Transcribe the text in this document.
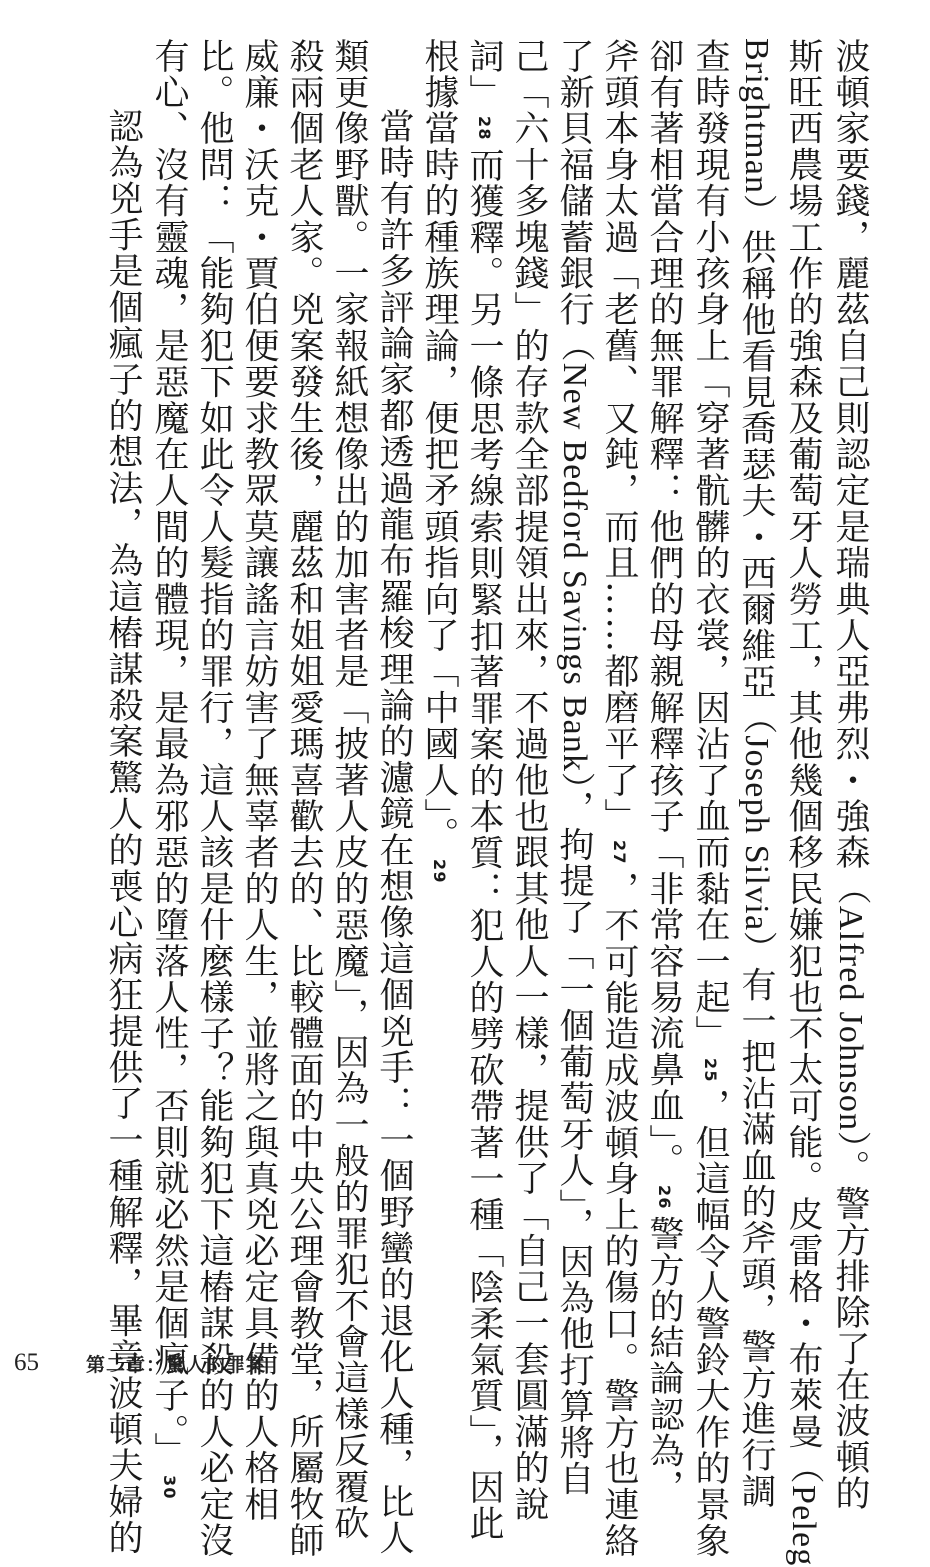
波頓家要錢，麗茲自己則認定是瑞典人亞弗烈・強森（Alfred Johnson）。警方排除了在波頓的
斯旺西農場工作的強森及葡萄牙人勞工，其他幾個移民嫌犯也不太可能。皮雷格・布萊曼（Peleg
Brightman）供稱他看見喬瑟夫・西爾維亞（Joseph Silvia）有一把沾滿血的斧頭，警方進行調
查時發現有小孩身上「穿著骯髒的衣裳，因沾了血而黏在一起」25，但這幅令人警鈴大作的景象
卻有著相當合理的無罪解釋：他們的母親解釋孩子「非常容易流鼻血」。26警方的結論認為，
斧頭本身太過「老舊、又鈍，而且……都磨平了」27，不可能造成波頓身上的傷口。警方也連絡
了新貝福儲蓄銀行（New Bedford Savings Bank），拘提了「一個葡萄牙人」，因為他打算將自
己「六十多塊錢」的存款全部提領出來，不過他也跟其他人一樣，提供了「自己一套圓滿的說
詞」28而獲釋。另一條思考線索則緊扣著罪案的本質：犯人的劈砍帶著一種「陰柔氣質」，因此
根據當時的種族理論，便把矛頭指向了「中國人」。29
當時有許多評論家都透過龍布羅梭理論的濾鏡在想像這個兇手：一個野蠻的退化人種，比人
類更像野獸。一家報紙想像出的加害者是「披著人皮的惡魔」，因為一般的罪犯不會這樣反覆砍
殺兩個老人家。兇案發生後，麗茲和姐姐愛瑪喜歡去的、比較體面的中央公理會教堂，所屬牧師
威廉・沃克・賈伯便要求教眾莫讓謠言妨害了無辜者的人生，並將之與真兇必定具備的人格相
比。他問：「能夠犯下如此令人髮指的罪行，這人該是什麼樣子？能夠犯下這樁謀殺的人必定沒
有心、沒有靈魂，是惡魔在人間的體現，是最為邪惡的墮落人性，否則就必然是個瘋子。」30
認為兇手是個瘋子的想法，為這樁謀殺案驚人的喪心病狂提供了一種解釋，畢竟波頓夫婦的
65	第二章：驚人的罪案
